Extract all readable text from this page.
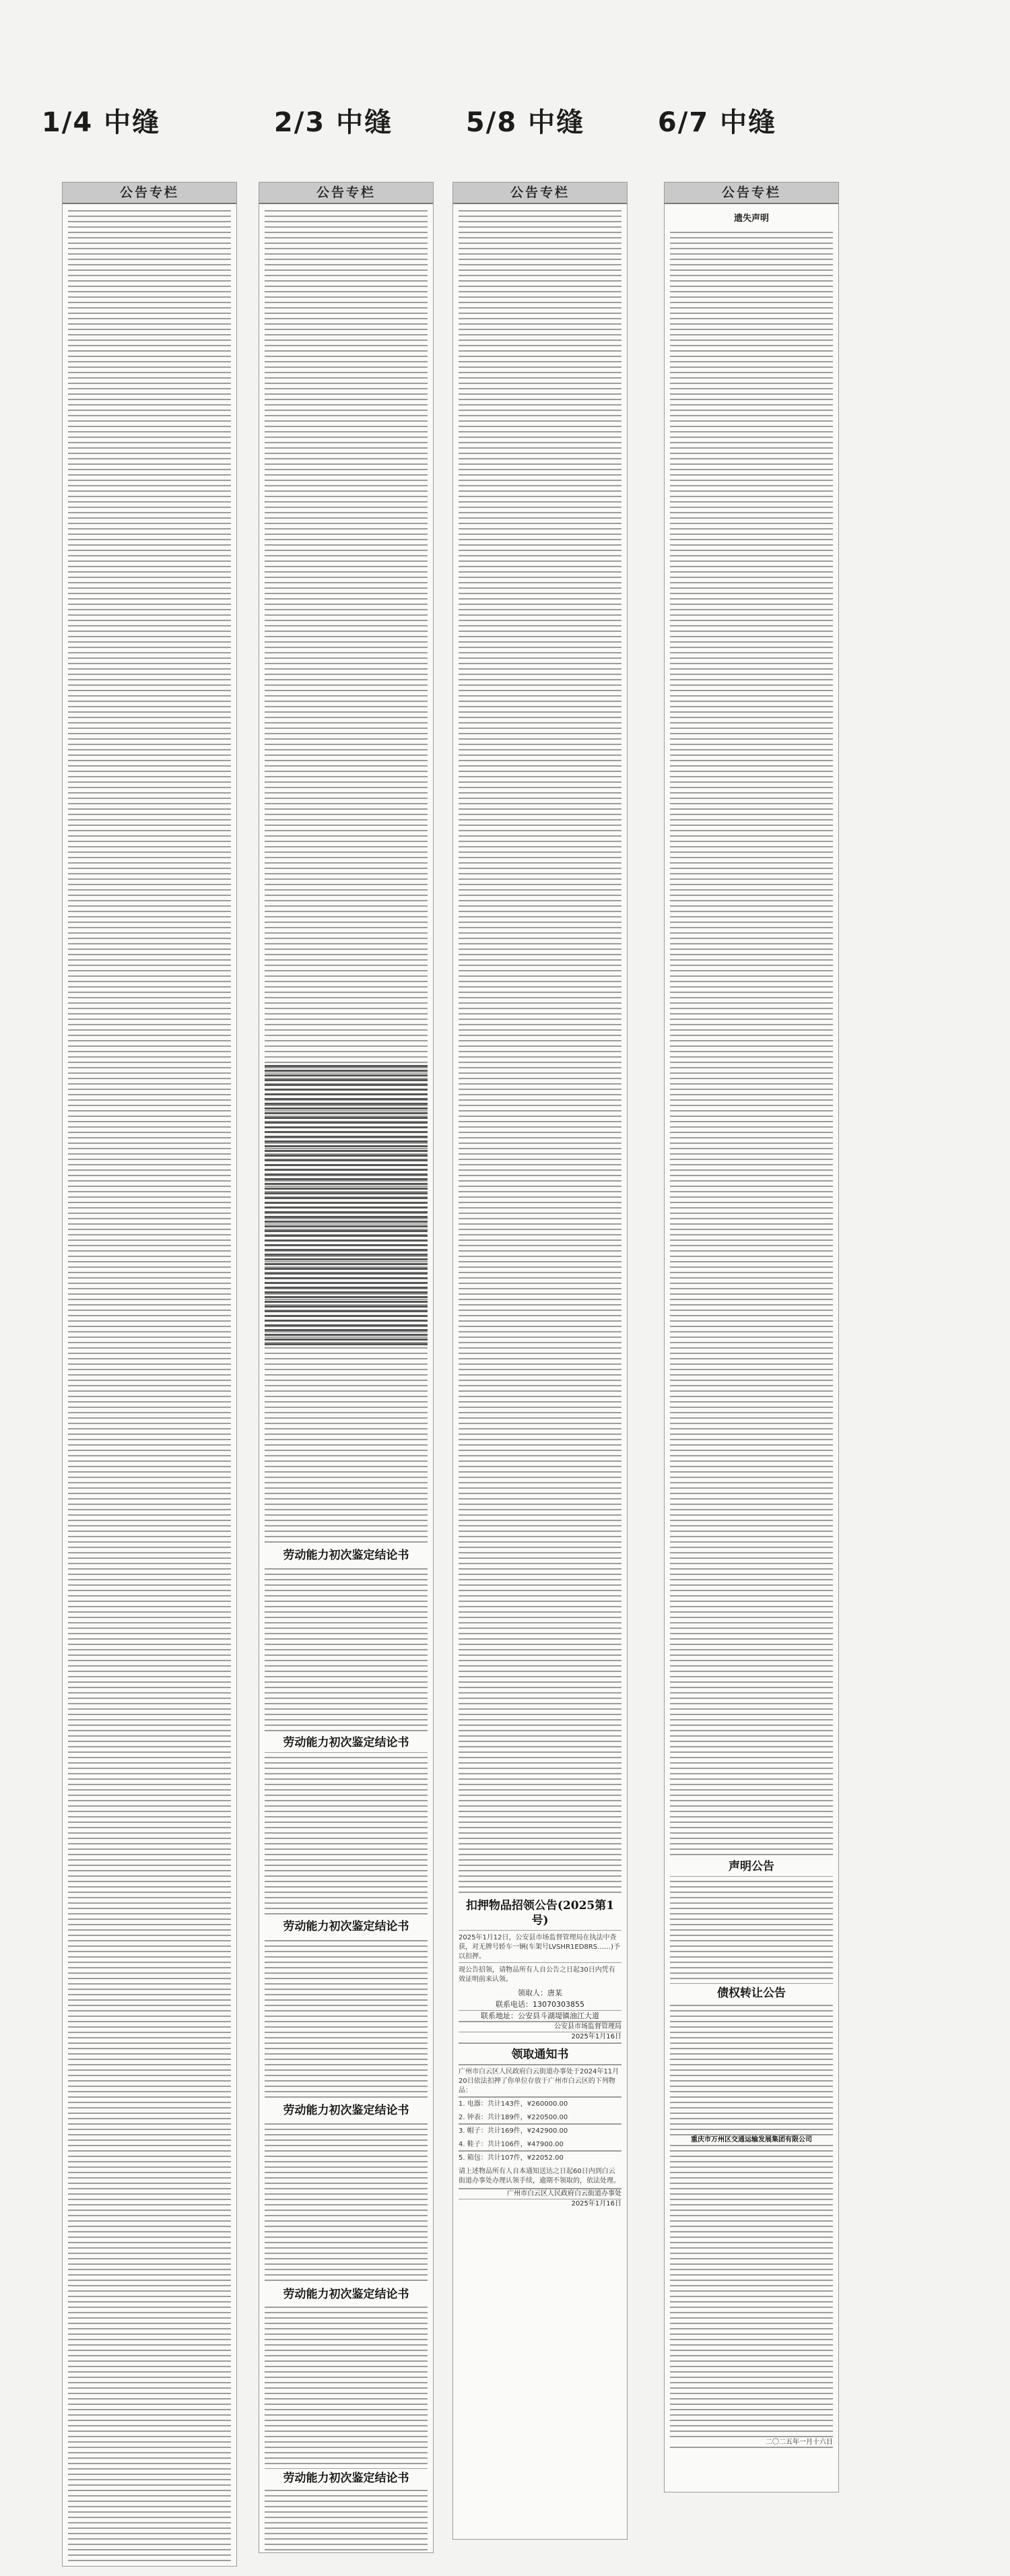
1/4 中缝	2/3 中缝	5/8 中缝	6/7 中缝
公告专栏	公告专栏
劳动能力初次鉴定结论书
劳动能力初次鉴定结论书
劳动能力初次鉴定结论书
劳动能力初次鉴定结论书
劳动能力初次鉴定结论书
劳动能力初次鉴定结论书
公告专栏
扣押物品招领公告(2025第1号)
2025年1月12日，公安县市场监督管理局在执法中查获，对无牌号轿车一辆(车架号LVSHR1ED8RS……)予以扣押。
现公告招领，请物品所有人自公告之日起30日内凭有效证明前来认领。
领取人：唐某
联系电话：13070303855
联系地址：公安县斗湖堤镇油江大道
公安县市场监督管理局
2025年1月16日
领取通知书
广州市白云区人民政府白云街道办事处于2024年11月20日依法扣押了你单位存放于广州市白云区的下列物品：
1. 电器：共计143件，¥260000.00
2. 钟表：共计189件，¥220500.00
3. 帽子：共计169件，¥242900.00
4. 鞋子：共计106件，¥47900.00
5. 箱包：共计107件，¥22052.00
请上述物品所有人自本通知送达之日起60日内到白云街道办事处办理认领手续，逾期不领取的，依法处理。
广州市白云区人民政府白云街道办事处
2025年1月16日
公告专栏
遗失声明
声明公告
债权转让公告
重庆市万州区交通运输发展集团有限公司
二〇二五年一月十六日
